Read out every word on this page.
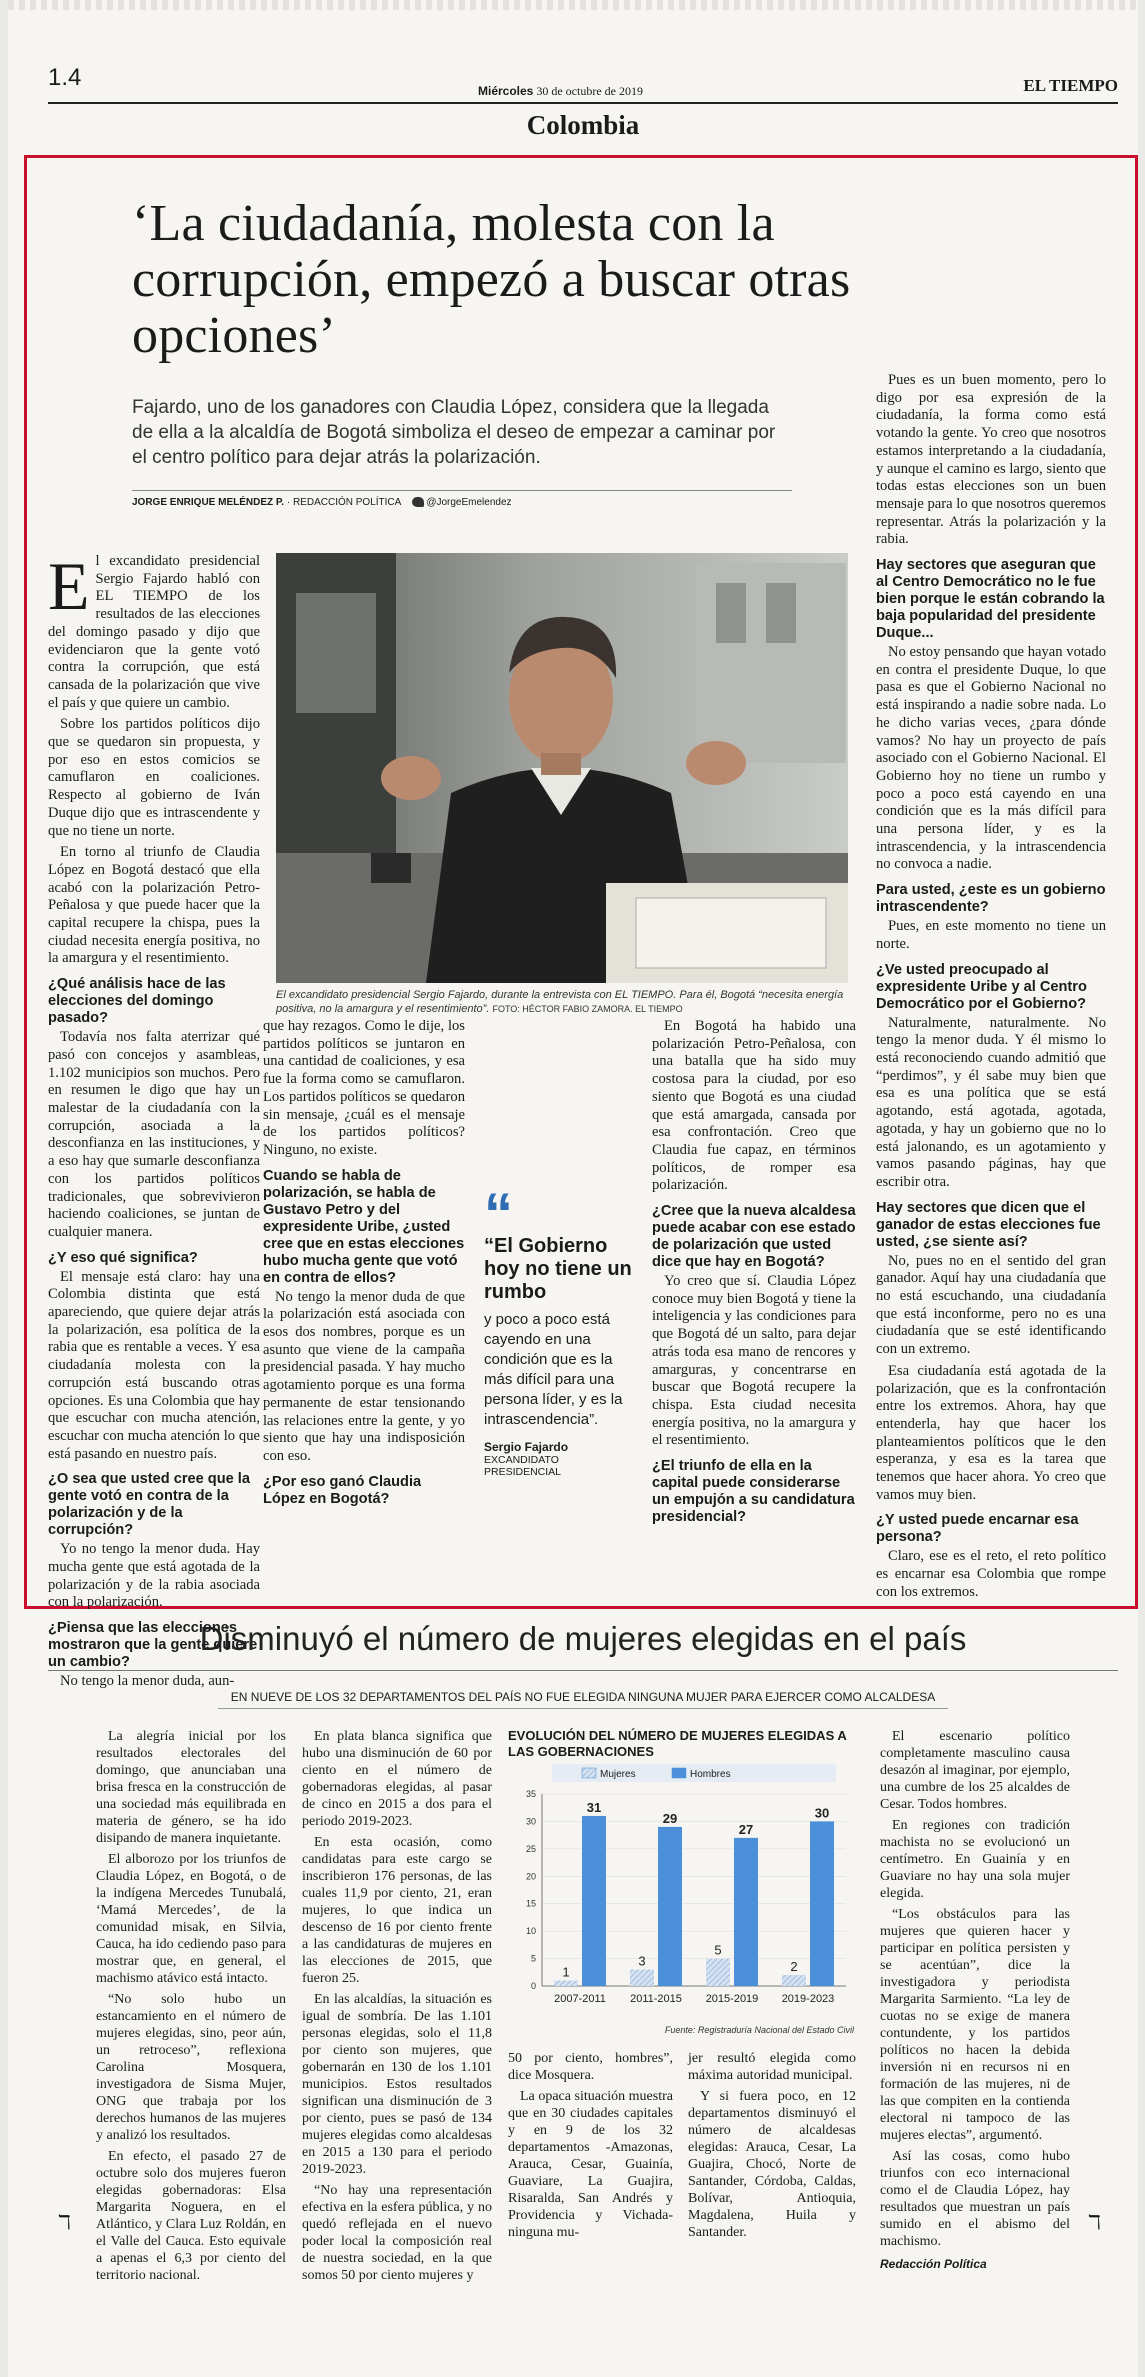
1.4	Miércoles 30 de octubre de 2019	EL TIEMPO
Colombia
‘La ciudadanía, molesta con la corrupción, empezó a buscar otras opciones’
Fajardo, uno de los ganadores con Claudia López, considera que la llegada de ella a la alcaldía de Bogotá simboliza el deseo de empezar a caminar por el centro político para dejar atrás la polarización.
JORGE ENRIQUE MELÉNDEZ P. · REDACCIÓN POLÍTICA	@JorgeEmelendez

Pues es un buen momento, pero lo digo por esa expresión de la ciudadanía, la forma como está votando la gente. Yo creo que nosotros estamos interpretando a la ciudadanía, y aunque el camino es largo, siento que todas estas elecciones son un buen mensaje para lo que nosotros queremos representar. Atrás la polarización y la rabia.

Hay sectores que aseguran que al Centro Democrático no le fue bien porque le están cobrando la baja popularidad del presidente Duque...

No estoy pensando que hayan votado en contra el presidente Duque, lo que pasa es que el Gobierno Nacional no está inspirando a nadie sobre nada. Lo he dicho varias veces, ¿para dónde vamos? No hay un proyecto de país asociado con el Gobierno Nacional. El Gobierno hoy no tiene un rumbo y poco a poco está cayendo en una condición que es la más difícil para una persona líder, y es la intrascendencia, y la intrascendencia no convoca a nadie.

Para usted, ¿este es un gobierno intrascendente?

Pues, en este momento no tiene un norte.

¿Ve usted preocupado al expresidente Uribe y al Centro Democrático por el Gobierno?

Naturalmente, naturalmente. No tengo la menor duda. Y él mismo lo está reconociendo cuando admitió que “perdimos”, y él sabe muy bien que esa es una política que se está agotando, está agotada, agotada, agotada, y hay un gobierno que no lo está jalonando, es un agotamiento y vamos pasando páginas, hay que escribir otra.

Hay sectores que dicen que el ganador de estas elecciones fue usted, ¿se siente así?

No, pues no en el sentido del gran ganador. Aquí hay una ciudadanía que no está escuchando, una ciudadanía que está inconforme, pero no es una ciudadanía que se esté identificando con un extremo.

Esa ciudadanía está agotada de la polarización, que es la confrontación entre los extremos. Ahora, hay que entenderla, hay que hacer los planteamientos políticos que le den esperanza, y esa es la tarea que tenemos que hacer ahora. Yo creo que vamos muy bien.

¿Y usted puede encarnar esa persona?

Claro, ese es el reto, el reto político es encarnar esa Colombia que rompe con los extremos.

El excandidato presidencial Sergio Fajardo habló con EL TIEMPO de los resultados de las elecciones del domingo pasado y dijo que evidenciaron que la gente votó contra la corrupción, que está cansada de la polarización que vive el país y que quiere un cambio.

Sobre los partidos políticos dijo que se quedaron sin propuesta, y por eso en estos comicios se camuflaron en coaliciones. Respecto al gobierno de Iván Duque dijo que es intrascendente y que no tiene un norte.

En torno al triunfo de Claudia López en Bogotá destacó que ella acabó con la polarización Petro-Peñalosa y que puede hacer que la capital recupere la chispa, pues la ciudad necesita energía positiva, no la amargura y el resentimiento.

¿Qué análisis hace de las elecciones del domingo pasado?

Todavía nos falta aterrizar qué pasó con concejos y asambleas, 1.102 municipios son muchos. Pero en resumen le digo que hay un malestar de la ciudadanía con la corrupción, asociada a la desconfianza en las instituciones, y a eso hay que sumarle desconfianza con los partidos políticos tradicionales, que sobrevivieron haciendo coaliciones, se juntan de cualquier manera.

¿Y eso qué significa?

El mensaje está claro: hay una Colombia distinta que está apareciendo, que quiere dejar atrás la polarización, esa política de la rabia que es rentable a veces. Y esa ciudadanía molesta con la corrupción está buscando otras opciones. Es una Colombia que hay que escuchar con mucha atención, escuchar con mucha atención lo que está pasando en nuestro país.

¿O sea que usted cree que la gente votó en contra de la polarización y de la corrupción?

Yo no tengo la menor duda. Hay mucha gente que está agotada de la polarización y de la rabia asociada con la polarización.

¿Piensa que las elecciones mostraron que la gente quiere un cambio?

No tengo la menor duda, aun-

El excandidato presidencial Sergio Fajardo, durante la entrevista con EL TIEMPO. Para él, Bogotá “necesita energía positiva, no la amargura y el resentimiento”. FOTO: HÉCTOR FABIO ZAMORA. EL TIEMPO

que hay rezagos. Como le dije, los partidos políticos se juntaron en una cantidad de coaliciones, y esa fue la forma como se camuflaron. Los partidos políticos se quedaron sin mensaje, ¿cuál es el mensaje de los partidos políticos? Ninguno, no existe.

Cuando se habla de polarización, se habla de Gustavo Petro y del expresidente Uribe, ¿usted cree que en estas elecciones hubo mucha gente que votó en contra de ellos?

No tengo la menor duda de que la polarización está asociada con esos dos nombres, porque es un asunto que viene de la campaña presidencial pasada. Y hay mucho agotamiento porque es una forma permanente de estar tensionando las relaciones entre la gente, y yo siento que hay una indisposición con eso.

¿Por eso ganó Claudia López en Bogotá?
“
“El Gobierno hoy no tiene un rumbo
y poco a poco está cayendo en una condición que es la más difícil para una persona líder, y es la intrascendencia”.
Sergio Fajardo
EXCANDIDATO PRESIDENCIAL

En Bogotá ha habido una polarización Petro-Peñalosa, con una batalla que ha sido muy costosa para la ciudad, por eso siento que Bogotá es una ciudad que está amargada, cansada por esa confrontación. Creo que Claudia fue capaz, en términos políticos, de romper esa polarización.

¿Cree que la nueva alcaldesa puede acabar con ese estado de polarización que usted dice que hay en Bogotá?

Yo creo que sí. Claudia López conoce muy bien Bogotá y tiene la inteligencia y las condiciones para que Bogotá dé un salto, para dejar atrás toda esa mano de rencores y amarguras, y concentrarse en buscar que Bogotá recupere la chispa. Esta ciudad necesita energía positiva, no la amargura y el resentimiento.

¿El triunfo de ella en la capital puede considerarse un empujón a su candidatura presidencial?
Disminuyó el número de mujeres elegidas en el país
EN NUEVE DE LOS 32 DEPARTAMENTOS DEL PAÍS NO FUE ELEGIDA NINGUNA MUJER PARA EJERCER COMO ALCALDESA

La alegría inicial por los resultados electorales del domingo, que anunciaban una brisa fresca en la construcción de una sociedad más equilibrada en materia de género, se ha ido disipando de manera inquietante.

El alborozo por los triunfos de Claudia López, en Bogotá, o de la indígena Mercedes Tunubalá, ‘Mamá Mercedes’, de la comunidad misak, en Silvia, Cauca, ha ido cediendo paso para mostrar que, en general, el machismo atávico está intacto.

“No solo hubo un estancamiento en el número de mujeres elegidas, sino, peor aún, un retroceso”, reflexiona Carolina Mosquera, investigadora de Sisma Mujer, ONG que trabaja por los derechos humanos de las mujeres y analizó los resultados.

En efecto, el pasado 27 de octubre solo dos mujeres fueron elegidas gobernadoras: Elsa Margarita Noguera, en el Atlántico, y Clara Luz Roldán, en el Valle del Cauca. Esto equivale a apenas el 6,3 por ciento del territorio nacional.

En plata blanca significa que hubo una disminución de 60 por ciento en el número de gobernadoras elegidas, al pasar de cinco en 2015 a dos para el periodo 2019-2023.

En esta ocasión, como candidatas para este cargo se inscribieron 176 personas, de las cuales 11,9 por ciento, 21, eran mujeres, lo que indica un descenso de 16 por ciento frente a las candidaturas de mujeres en las elecciones de 2015, que fueron 25.

En las alcaldías, la situación es igual de sombría. De las 1.101 personas elegidas, solo el 11,8 por ciento son mujeres, que gobernarán en 130 de los 1.101 municipios. Estos resultados significan una disminución de 3 por ciento, pues se pasó de 134 mujeres elegidas como alcaldesas en 2015 a 130 para el periodo 2019-2023.

“No hay una representación efectiva en la esfera pública, y no quedó reflejada en el nuevo poder local la composición real de nuestra sociedad, en la que somos 50 por ciento mujeres y

EVOLUCIÓN DEL NÚMERO DE MUJERES ELEGIDAS A LAS GOBERNACIONES
Mujeres	Hombres
0
5
10
15
20
25
30
35
1
31
2007-2011
3
29
2011-2015
5
27
2015-2019
2
30
2019-2023
Fuente: Registraduría Nacional del Estado Civil

50 por ciento, hombres”, dice Mosquera.

La opaca situación muestra que en 30 ciudades capitales y en 9 de los 32 departamentos -Amazonas, Arauca, Cesar, Guainía, Guaviare, La Guajira, Risaralda, San Andrés y Providencia y Vichada- ninguna mu-

jer resultó elegida como máxima autoridad municipal.

Y si fuera poco, en 12 departamentos disminuyó el número de alcaldesas elegidas: Arauca, Cesar, La Guajira, Chocó, Norte de Santander, Córdoba, Caldas, Bolívar, Antioquia, Magdalena, Huila y Santander.

El escenario político completamente masculino causa desazón al imaginar, por ejemplo, una cumbre de los 25 alcaldes de Cesar. Todos hombres.

En regiones con tradición machista no se evolucionó un centímetro. En Guainía y en Guaviare no hay una sola mujer elegida.

“Los obstáculos para las mujeres que quieren hacer y participar en política persisten y se acentúan”, dice la investigadora y periodista Margarita Sarmiento. “La ley de cuotas no se exige de manera contundente, y los partidos políticos no hacen la debida inversión ni en recursos ni en formación de las mujeres, ni de las que compiten en la contienda electoral ni tampoco de las mujeres electas”, argumentó.

Así las cosas, como hubo triunfos con eco internacional como el de Claudia López, hay resultados que muestran un país sumido en el abismo del machismo.

Redacción Política
ℸ	ℸ
